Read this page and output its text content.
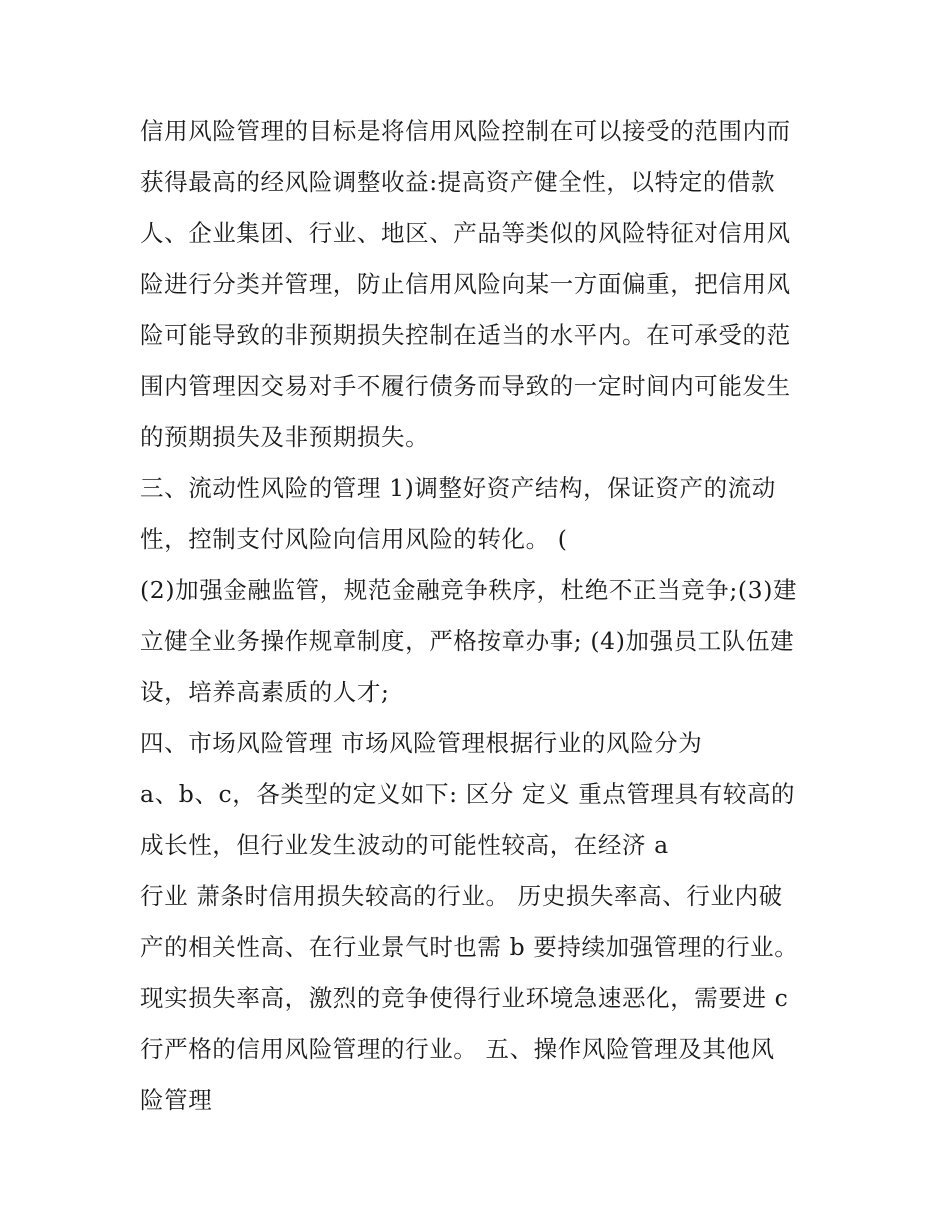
信用风险管理的目标是将信用风险控制在可以接受的范围内而
获得最高的经风险调整收益:提高资产健全性，以特定的借款
人、企业集团、行业、地区、产品等类似的风险特征对信用风
险进行分类并管理，防止信用风险向某一方面偏重，把信用风
险可能导致的非预期损失控制在适当的水平内。在可承受的范
围内管理因交易对手不履行债务而导致的一定时间内可能发生
的预期损失及非预期损失。
三、流动性风险的管理 1)调整好资产结构，保证资产的流动
性，控制支付风险向信用风险的转化。 (
(2)加强金融监管，规范金融竞争秩序，杜绝不正当竞争;(3)建
立健全业务操作规章制度，严格按章办事; (4)加强员工队伍建
设，培养高素质的人才;
四、市场风险管理 市场风险管理根据行业的风险分为
a、b、c，各类型的定义如下: 区分 定义 重点管理具有较高的
成长性，但行业发生波动的可能性较高，在经济 a
行业 萧条时信用损失较高的行业。 历史损失率高、行业内破
产的相关性高、在行业景气时也需 b 要持续加强管理的行业。
现实损失率高，激烈的竞争使得行业环境急速恶化，需要进 c
行严格的信用风险管理的行业。 五、操作风险管理及其他风
险管理
